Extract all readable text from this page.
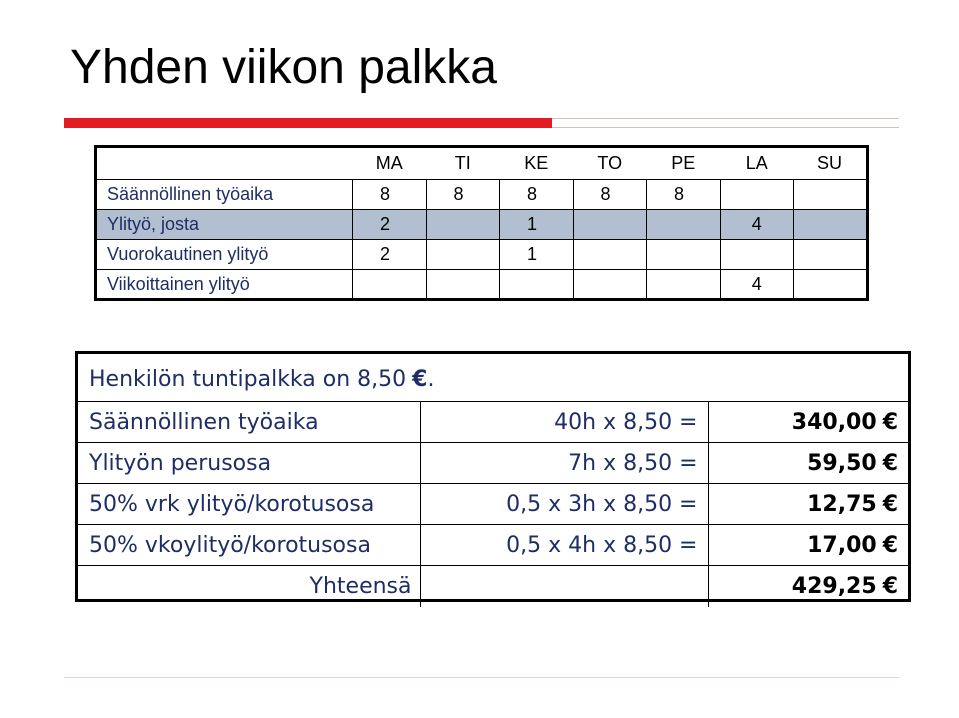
Yhden viikon palkka
	MA	TI	KE	TO	PE	LA	SU
Säännöllinen työaika	8	8	8	8	8		
Ylityö, josta	2		1			4	
Vuorokautinen ylityö	2		1				
Viikoittainen ylityö						4	
Henkilön tuntipalkka on 8,50 € .
Säännöllinen työaika	40h x 8,50 =	340,00 €
Ylityön perusosa	7h x 8,50 =	59,50 €
50% vrk ylityö/korotusosa	0,5 x 3h x 8,50 =	12,75 €
50% vkoylityö/korotusosa	0,5 x 4h x 8,50 =	17,00 €
Yhteensä		429,25 €
